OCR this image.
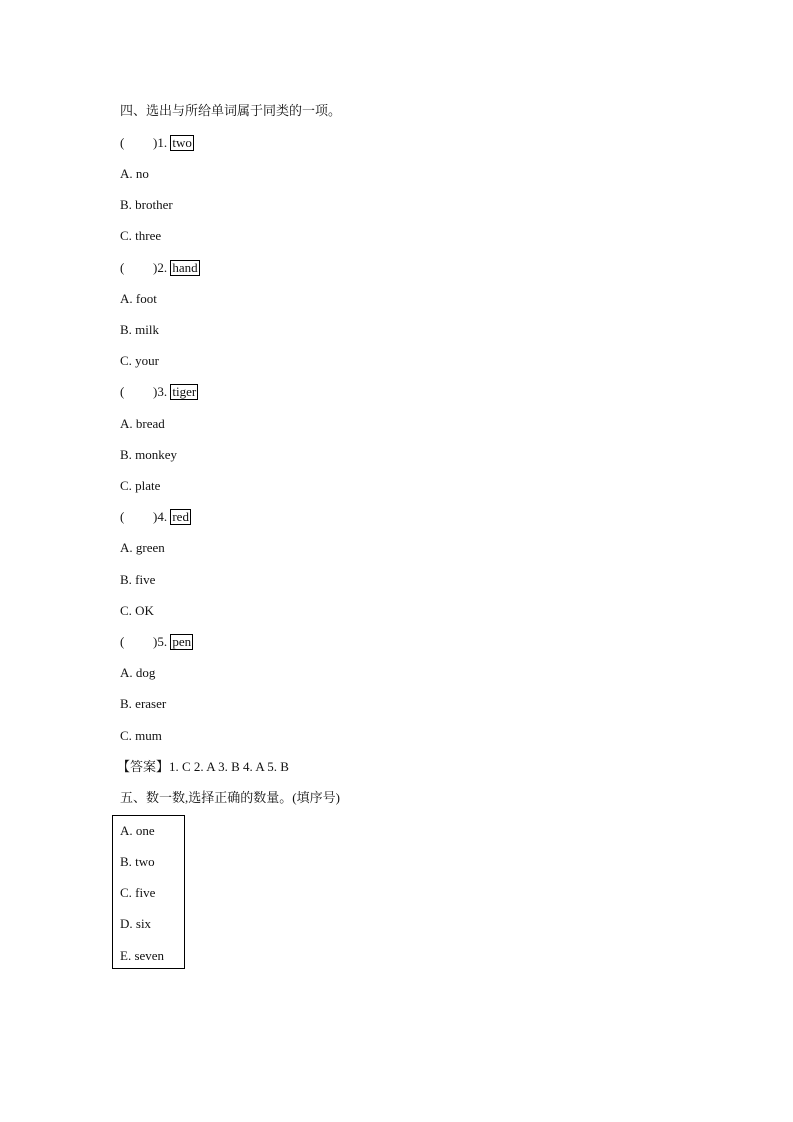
四、选出与所给单词属于同类的一项。
( )1. two
A. no
B. brother
C. three
( )2. hand
A. foot
B. milk
C. your
( )3. tiger
A. bread
B. monkey
C. plate
( )4. red
A. green
B. five
C. OK
( )5. pen
A. dog
B. eraser
C. mum
【答案】1. C 2. A 3. B 4. A 5. B
五、数一数,选择正确的数量。(填序号)
A. one
B. two
C. five
D. six
E. seven
